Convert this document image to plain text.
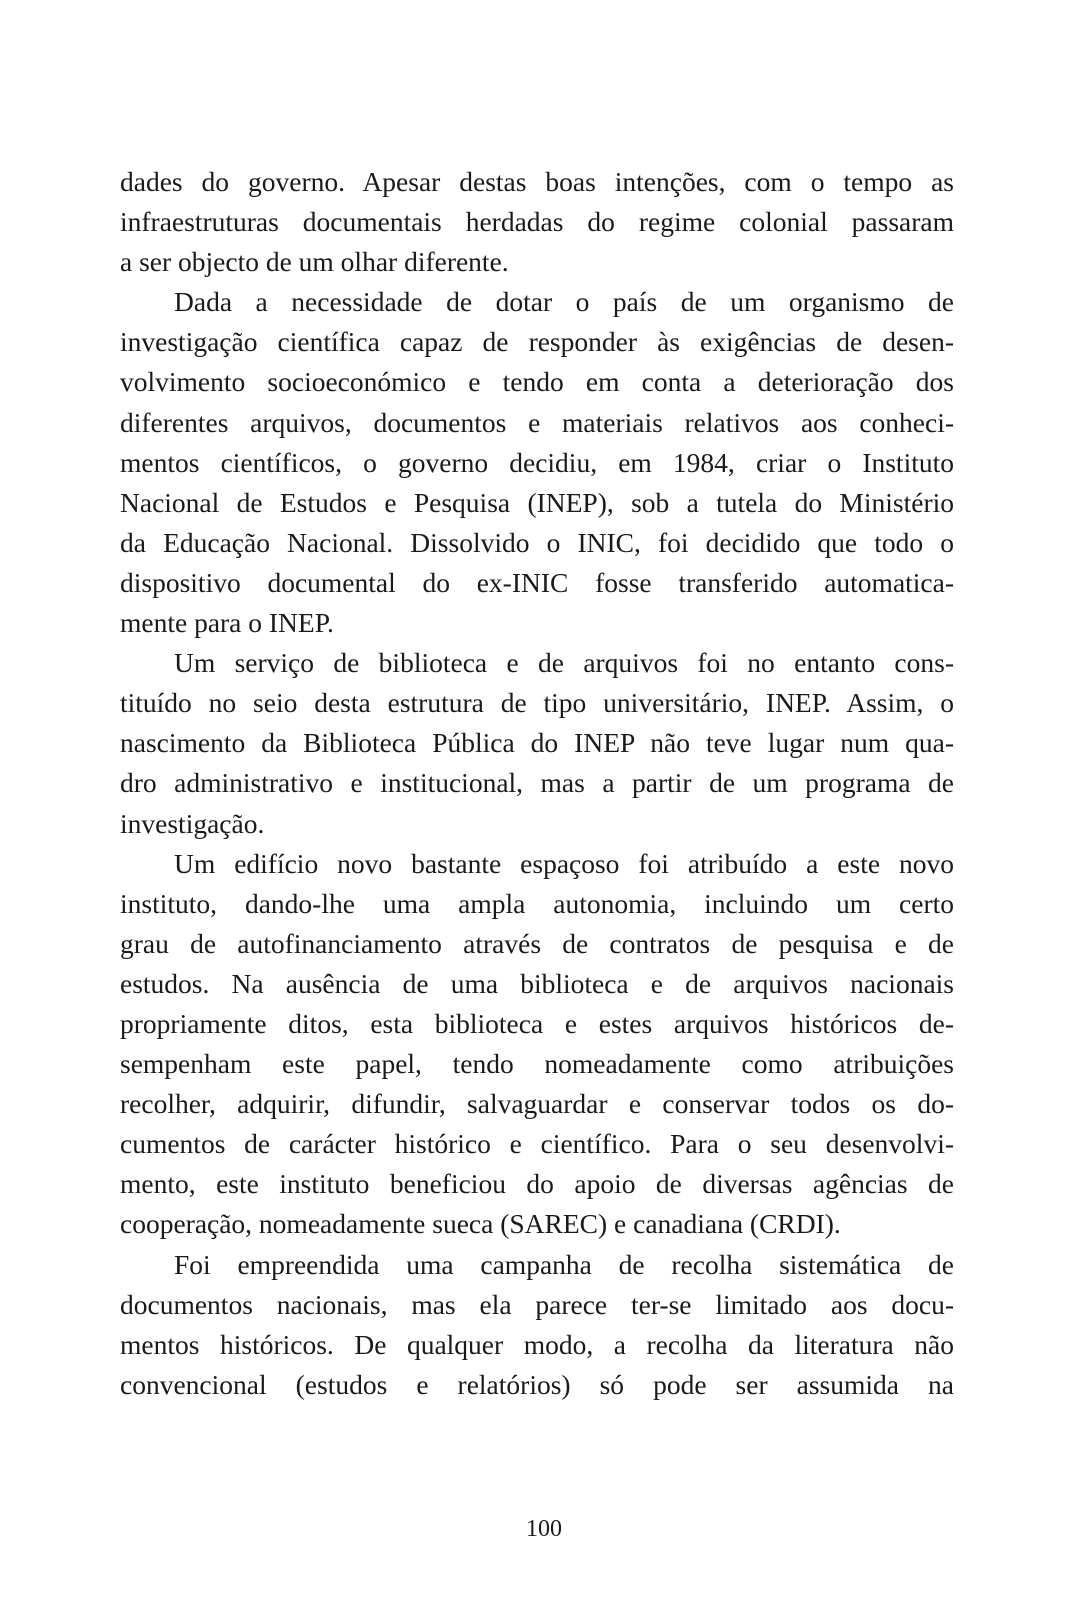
dades do governo. Apesar destas boas intenções, com o tempo as
infraestruturas documentais herdadas do regime colonial passaram
a ser objecto de um olhar diferente.
Dada a necessidade de dotar o país de um organismo de
investigação científica capaz de responder às exigências de desen-
volvimento socioeconómico e tendo em conta a deterioração dos
diferentes arquivos, documentos e materiais relativos aos conheci-
mentos científicos, o governo decidiu, em 1984, criar o Instituto
Nacional de Estudos e Pesquisa (INEP), sob a tutela do Ministério
da Educação Nacional. Dissolvido o INIC, foi decidido que todo o
dispositivo documental do ex-INIC fosse transferido automatica-
mente para o INEP.
Um serviço de biblioteca e de arquivos foi no entanto cons-
tituído no seio desta estrutura de tipo universitário, INEP. Assim, o
nascimento da Biblioteca Pública do INEP não teve lugar num qua-
dro administrativo e institucional, mas a partir de um programa de
investigação.
Um edifício novo bastante espaçoso foi atribuído a este novo
instituto, dando-lhe uma ampla autonomia, incluindo um certo
grau de autofinanciamento através de contratos de pesquisa e de
estudos. Na ausência de uma biblioteca e de arquivos nacionais
propriamente ditos, esta biblioteca e estes arquivos históricos de-
sempenham este papel, tendo nomeadamente como atribuições
recolher, adquirir, difundir, salvaguardar e conservar todos os do-
cumentos de carácter histórico e científico. Para o seu desenvolvi-
mento, este instituto beneficiou do apoio de diversas agências de
cooperação, nomeadamente sueca (SAREC) e canadiana (CRDI).
Foi empreendida uma campanha de recolha sistemática de
documentos nacionais, mas ela parece ter-se limitado aos docu-
mentos históricos. De qualquer modo, a recolha da literatura não
convencional (estudos e relatórios) só pode ser assumida na
100
